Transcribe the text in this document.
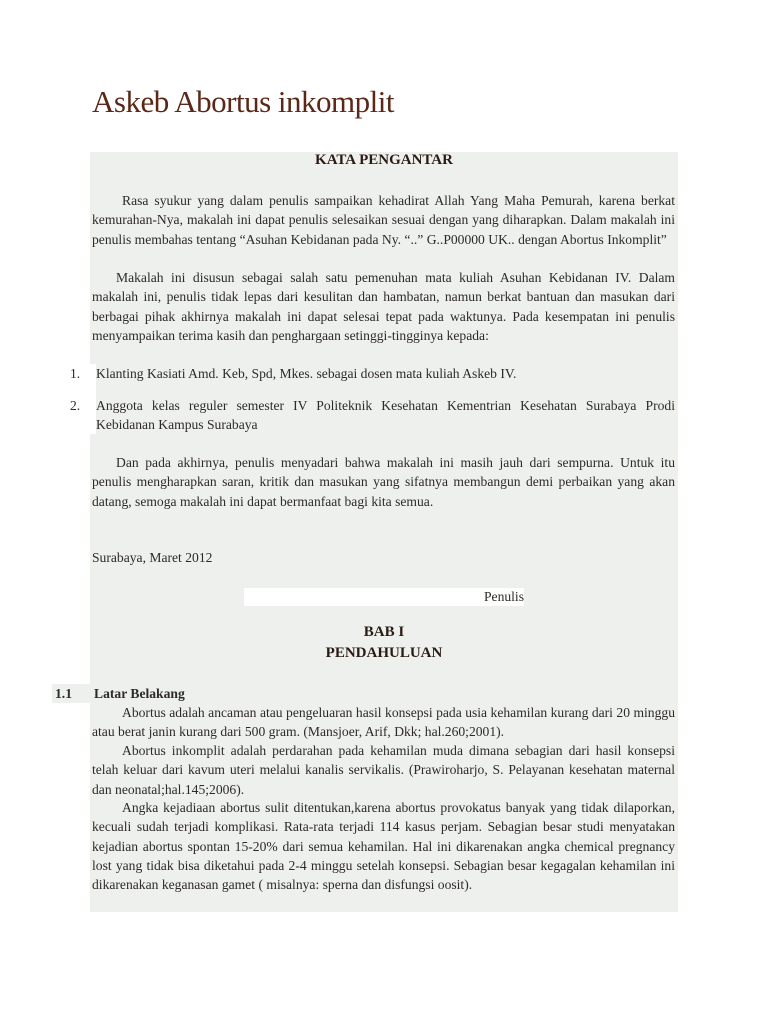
Askeb Abortus inkomplit
KATA PENGANTAR

Rasa syukur yang dalam penulis sampaikan kehadirat Allah Yang Maha Pemurah, karena berkat kemurahan-Nya, makalah ini dapat penulis selesaikan sesuai dengan yang diharapkan. Dalam makalah ini penulis membahas tentang “Asuhan Kebidanan pada Ny. “..” G..P00000 UK.. dengan Abortus Inkomplit”

Makalah ini disusun sebagai salah satu pemenuhan mata kuliah Asuhan Kebidanan IV. Dalam makalah ini, penulis tidak lepas dari kesulitan dan hambatan, namun berkat bantuan dan masukan dari berbagai pihak akhirnya makalah ini dapat selesai tepat pada waktunya. Pada kesempatan ini penulis menyampaikan terima kasih dan penghargaan setinggi-tingginya kepada:

1. Klanting Kasiati Amd. Keb, Spd, Mkes. sebagai dosen mata kuliah Askeb IV.
2. Anggota kelas reguler semester IV Politeknik Kesehatan Kementrian Kesehatan Surabaya Prodi Kebidanan Kampus Surabaya

Dan pada akhirnya, penulis menyadari bahwa makalah ini masih jauh dari sempurna. Untuk itu penulis mengharapkan saran, kritik dan masukan yang sifatnya membangun demi perbaikan yang akan datang, semoga makalah ini dapat bermanfaat bagi kita semua.

Surabaya, Maret 2012

Penulis
BAB I
PENDAHULUAN
1.1 Latar Belakang

Abortus adalah ancaman atau pengeluaran hasil konsepsi pada usia kehamilan kurang dari 20 minggu atau berat janin kurang dari 500 gram. (Mansjoer, Arif, Dkk; hal.260;2001).

Abortus inkomplit adalah perdarahan pada kehamilan muda dimana sebagian dari hasil konsepsi telah keluar dari kavum uteri melalui kanalis servikalis. (Prawiroharjo, S. Pelayanan kesehatan maternal dan neonatal;hal.145;2006).

Angka kejadiaan abortus sulit ditentukan,karena abortus provokatus banyak yang tidak dilaporkan, kecuali sudah terjadi komplikasi. Rata-rata terjadi 114 kasus perjam. Sebagian besar studi menyatakan kejadian abortus spontan 15-20% dari semua kehamilan. Hal ini dikarenakan angka chemical pregnancy lost yang tidak bisa diketahui pada 2-4 minggu setelah konsepsi. Sebagian besar kegagalan kehamilan ini dikarenakan keganasan gamet ( misalnya: sperna dan disfungsi oosit).
